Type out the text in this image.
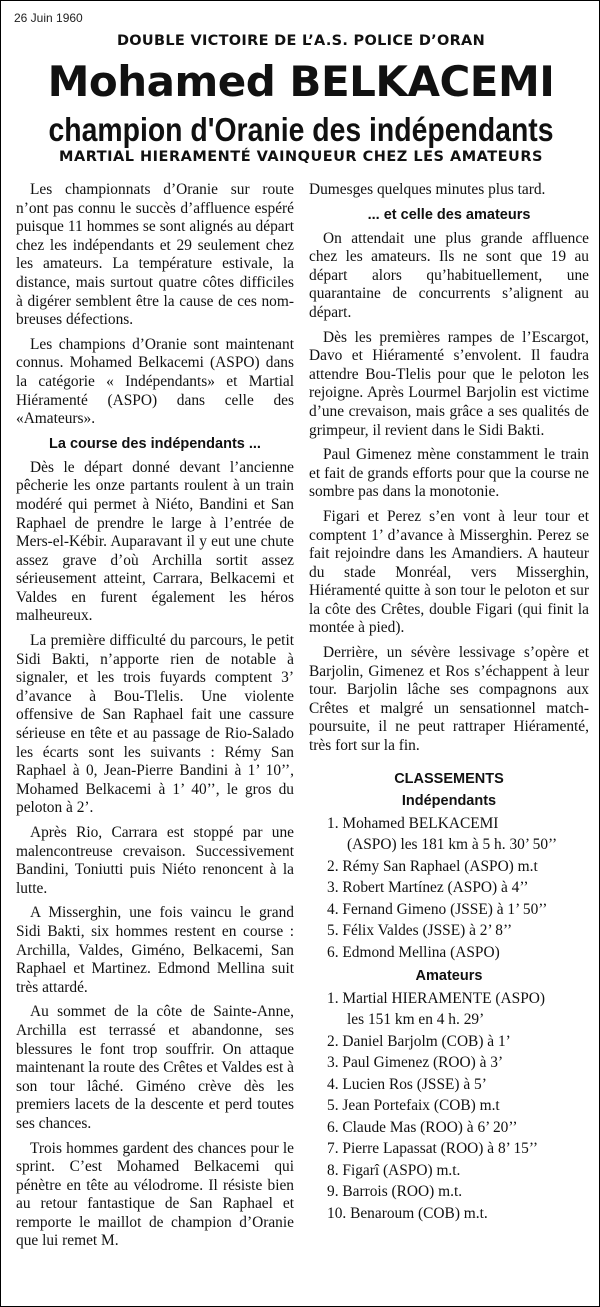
26 Juin 1960
DOUBLE VICTOIRE DE L’A.S. POLICE D’ORAN
Mohamed BELKACEMI
champion d'Oranie des indépendants
MARTIAL HIERAMENTÉ VAINQUEUR CHEZ LES AMATEURS

Les championnats d’Oranie sur route n’ont pas connu le succès d’affluence espéré puisque 11 hommes se sont alignés au départ chez les indépendants et 29 seulement chez les amateurs. La température estivale, la distance, mais surtout quatre côtes difficiles à digérer semblent être la cause de ces nombreuses défections.

Les champions d’Oranie sont maintenant connus. Mohamed Belkacemi (ASPO) dans la catégorie « Indépendants» et Martial Hiéramenté (ASPO) dans celle des «Amateurs».

La course des indépendants ...

Dès le départ donné devant l’ancienne pêcherie les onze partants roulent à un train modéré qui permet à Niéto, Bandini et San Raphael de prendre le large à l’entrée de Mers-el-Kébir. Auparavant il y eut une chute assez grave d’où Archilla sortit assez sérieusement atteint, Carrara, Belkacemi et Valdes en furent également les héros malheureux.

La première difficulté du parcours, le petit Sidi Bakti, n’apporte rien de notable à signaler, et les trois fuyards comptent 3’ d’avance à Bou-Tlelis. Une violente offensive de San Raphael fait une cassure sérieuse en tête et au passage de Rio-Salado les écarts sont les suivants : Rémy San Raphael à 0, Jean-Pierre Bandini à 1’ 10’’, Mohamed Belkacemi à 1’ 40’’, le gros du peloton à 2’.

Après Rio, Carrara est stoppé par une malencontreuse crevaison. Successivement Bandini, Toniutti puis Niéto renoncent à la lutte.

A Misserghin, une fois vaincu le grand Sidi Bakti, six hommes restent en course : Archilla, Valdes, Giméno, Belkacemi, San Raphael et Martinez. Edmond Mellina suit très attardé.

Au sommet de la côte de Sainte-Anne, Archilla est terrassé et abandonne, ses blessures le font trop souffrir. On attaque maintenant la route des Crêtes et Valdes est à son tour lâché. Giméno crève dès les premiers lacets de la descente et perd toutes ses chances.

Trois hommes gardent des chances pour le sprint. C’est Mohamed Belkacemi qui pénètre en tête au vélodrome. Il résiste bien au retour fantastique de San Raphael et remporte le maillot de champion d’Oranie que lui remet M.

Dumesges quelques minutes plus tard.

... et celle des amateurs

On attendait une plus grande affluence chez les amateurs. Ils ne sont que 19 au départ alors qu’habituellement, une quarantaine de concurrents s’alignent au départ.

Dès les premières rampes de l’Escargot, Davo et Hiéramenté s’envolent. Il faudra attendre Bou-Tlelis pour que le peloton les rejoigne. Après Lourmel Barjolin est victime d’une crevaison, mais grâce a ses qualités de grimpeur, il revient dans le Sidi Bakti.

Paul Gimenez mène constamment le train et fait de grands efforts pour que la course ne sombre pas dans la monotonie.

Figari et Perez s’en vont à leur tour et comptent 1’ d’avance à Misserghin. Perez se fait rejoindre dans les Amandiers. A hauteur du stade Monréal, vers Misserghin, Hiéramenté quitte à son tour le peloton et sur la côte des Crêtes, double Figari (qui finit la montée à pied).

Derrière, un sévère lessivage s’opère et Barjolin, Gimenez et Ros s’échappent à leur tour. Barjolin lâche ses compagnons aux Crêtes et malgré un sensationnel match-poursuite, il ne peut rattraper Hiéramenté, très fort sur la fin.

CLASSEMENTS
Indépendants
1. Mohamed BELKACEMI
(ASPO) les 181 km à 5 h. 30’ 50’’
2. Rémy San Raphael (ASPO) m.t
3. Robert Martínez (ASPO) à 4’’
4. Fernand Gimeno (JSSE) à 1’ 50’’
5. Félix Valdes (JSSE) à 2’ 8’’
6. Edmond Mellina (ASPO)
Amateurs
1. Martial HIERAMENTE (ASPO)
les 151 km en 4 h. 29’
2. Daniel Barjolm (COB) à 1’
3. Paul Gimenez (ROO) à 3’
4. Lucien Ros (JSSE) à 5’
5. Jean Portefaix (COB) m.t
6. Claude Mas (ROO) à 6’ 20’’
7. Pierre Lapassat (ROO) à 8’ 15’’
8. Figarî (ASPO) m.t.
9. Barrois (ROO) m.t.
10. Benaroum (COB) m.t.
